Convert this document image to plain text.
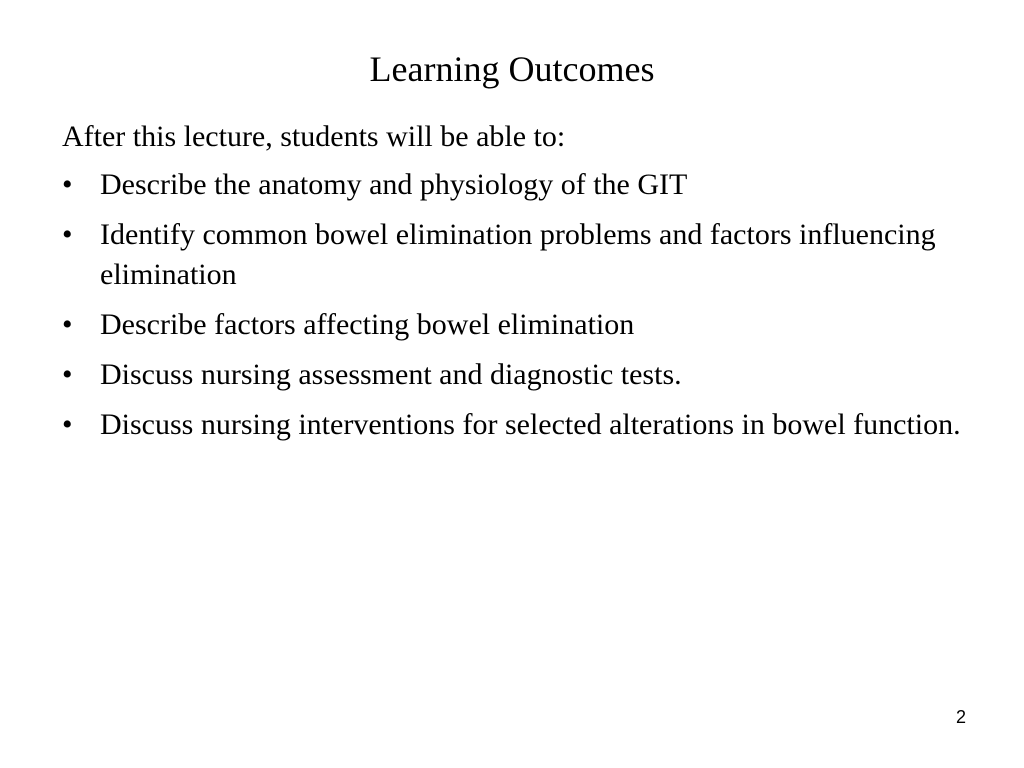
Learning Outcomes

After this lecture, students will be able to:

• Describe the anatomy and physiology of the GIT
• Identify common bowel elimination problems and factors influencing elimination
• Describe factors affecting bowel elimination
• Discuss nursing assessment and diagnostic tests.
• Discuss nursing interventions for selected alterations in bowel function.
2
